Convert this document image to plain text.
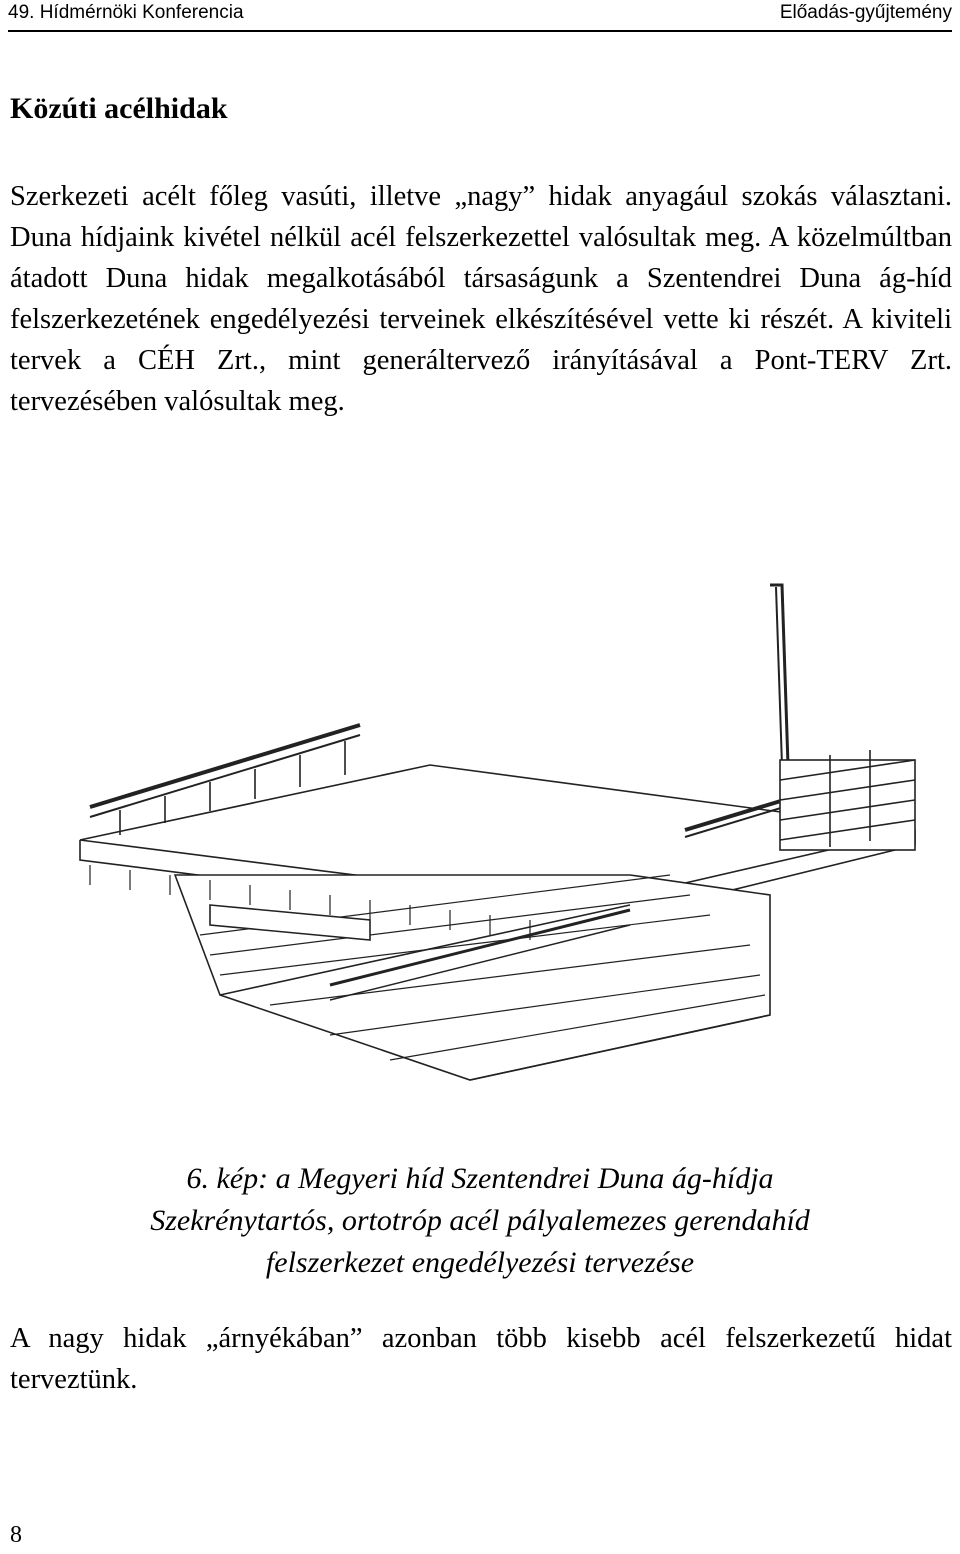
49. Hídmérnöki Konferencia	Előadás-gyűjtemény
Közúti acélhidak
Szerkezeti acélt főleg vasúti, illetve „nagy” hidak anyagául szokás választani. Duna hídjaink kivétel nélkül acél felszerkezettel valósultak meg. A közelmúltban átadott Duna hidak megalkotásából társaságunk a Szentendrei Duna ág-híd felszerkezetének engedélyezési terveinek elkészítésével vette ki részét. A kiviteli tervek a CÉH Zrt., mint generáltervező irányításával a Pont-TERV Zrt. tervezésében valósultak meg.
6. kép: a Megyeri híd Szentendrei Duna ág-hídja
Szekrénytartós, ortotróp acél pályalemezes gerendahíd
felszerkezet engedélyezési tervezése
A nagy hidak „árnyékában” azonban több kisebb acél felszerkezetű hidat terveztünk.
8
